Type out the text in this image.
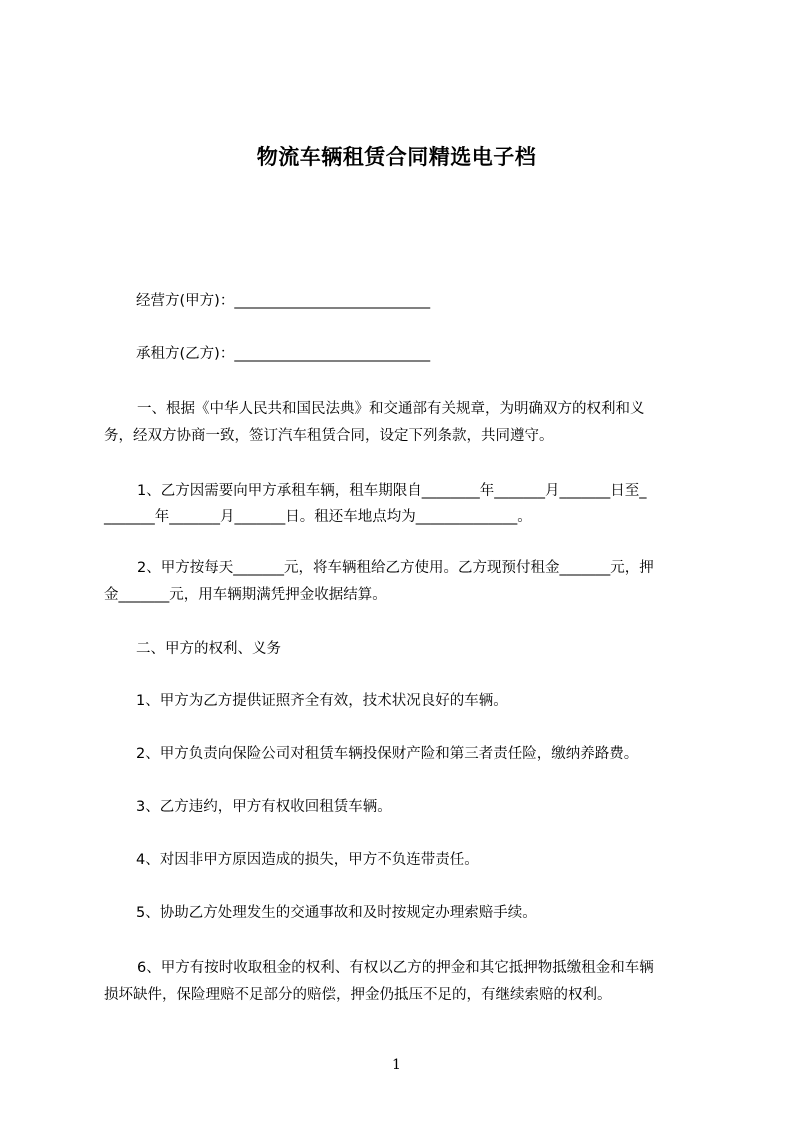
物流车辆租赁合同精选电子档
经营方(甲方)：___________________________
承租方(乙方)：___________________________
一、根据《中华人民共和国民法典》和交通部有关规章，为明确双方的权利和义
务，经双方协商一致，签订汽车租赁合同，设定下列条款，共同遵守。
1、乙方因需要向甲方承租车辆，租车期限自________年_______月_______日至_
_______年_______月_______日。租还车地点均为______________。
2、甲方按每天_______元，将车辆租给乙方使用。乙方现预付租金_______元，押
金_______元，用车辆期满凭押金收据结算。
二、甲方的权利、义务
1、甲方为乙方提供证照齐全有效，技术状况良好的车辆。
2、甲方负责向保险公司对租赁车辆投保财产险和第三者责任险，缴纳养路费。
3、乙方违约，甲方有权收回租赁车辆。
4、对因非甲方原因造成的损失，甲方不负连带责任。
5、协助乙方处理发生的交通事故和及时按规定办理索赔手续。
6、甲方有按时收取租金的权利、有权以乙方的押金和其它抵押物抵缴租金和车辆
损坏缺件，保险理赔不足部分的赔偿，押金仍抵压不足的，有继续索赔的权利。
1
